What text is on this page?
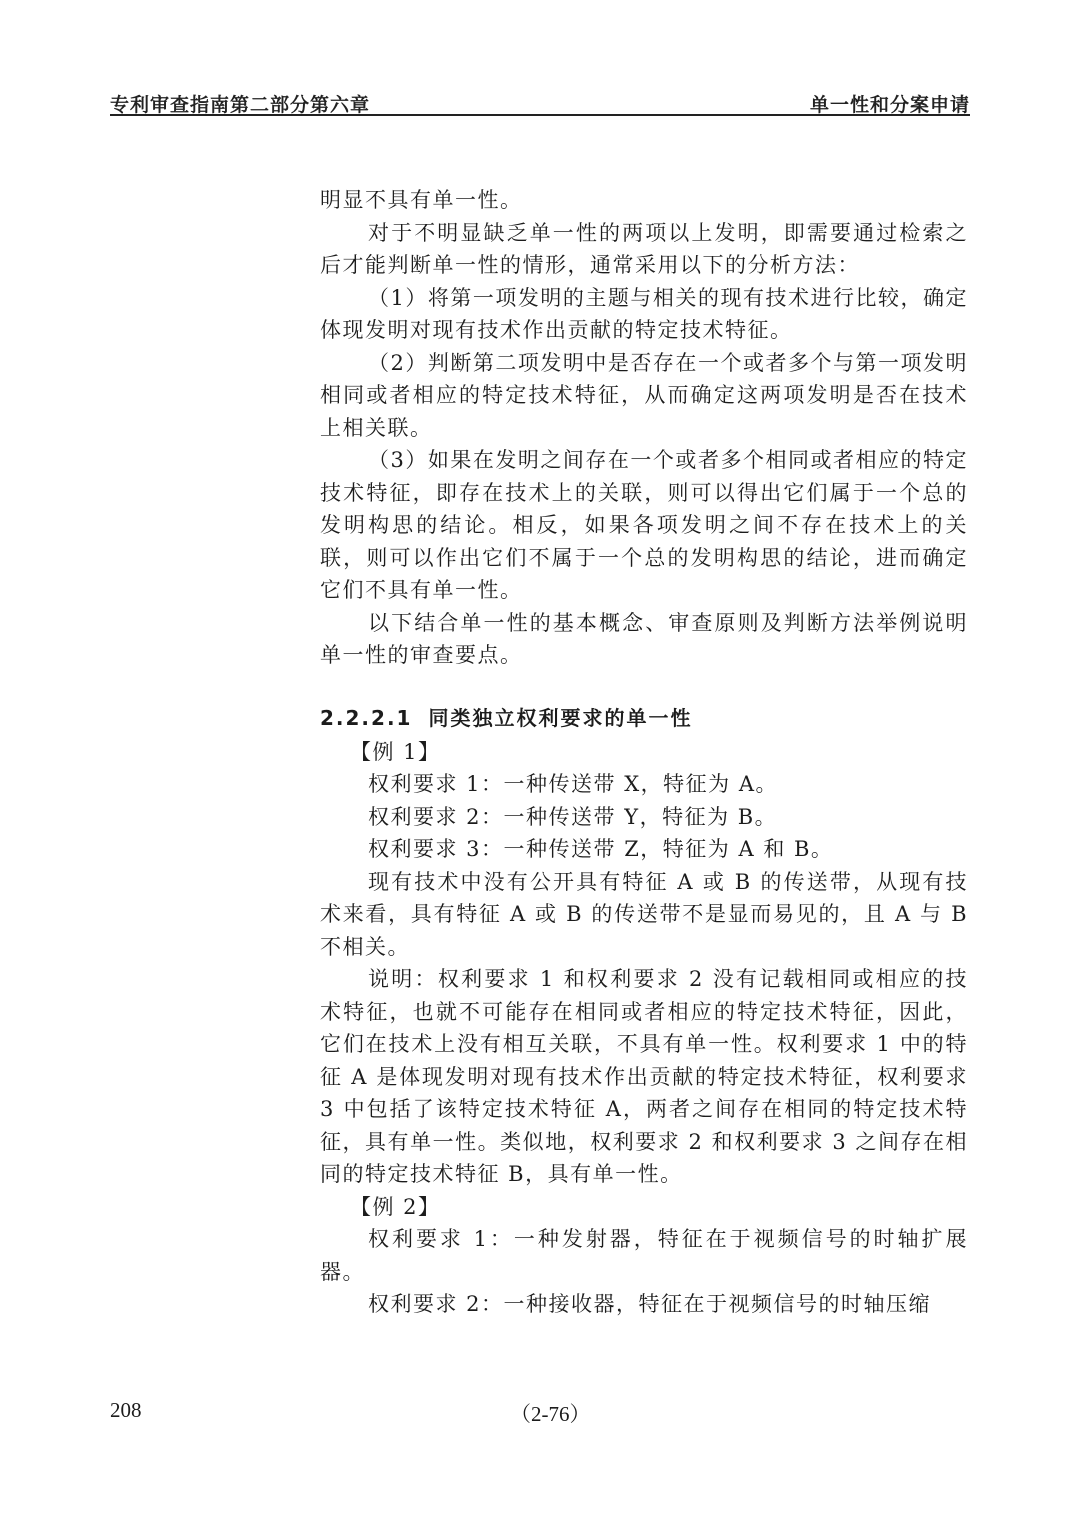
专利审查指南第二部分第六章	单一性和分案申请

明显不具有单一性。

对于不明显缺乏单一性的两项以上发明，即需要通过检索之后才能判断单一性的情形，通常采用以下的分析方法：

（1）将第一项发明的主题与相关的现有技术进行比较，确定体现发明对现有技术作出贡献的特定技术特征。

（2）判断第二项发明中是否存在一个或者多个与第一项发明相同或者相应的特定技术特征，从而确定这两项发明是否在技术上相关联。

（3）如果在发明之间存在一个或者多个相同或者相应的特定技术特征，即存在技术上的关联，则可以得出它们属于一个总的发明构思的结论。相反，如果各项发明之间不存在技术上的关联，则可以作出它们不属于一个总的发明构思的结论，进而确定它们不具有单一性。

以下结合单一性的基本概念、审查原则及判断方法举例说明单一性的审查要点。

2.2.2.1 同类独立权利要求的单一性

【例 1】

权利要求 1：一种传送带 X，特征为 A。

权利要求 2：一种传送带 Y，特征为 B。

权利要求 3：一种传送带 Z，特征为 A 和 B。

现有技术中没有公开具有特征 A 或 B 的传送带，从现有技术来看，具有特征 A 或 B 的传送带不是显而易见的，且 A 与 B 不相关。

说明：权利要求 1 和权利要求 2 没有记载相同或相应的技术特征，也就不可能存在相同或者相应的特定技术特征，因此，它们在技术上没有相互关联，不具有单一性。权利要求 1 中的特征 A 是体现发明对现有技术作出贡献的特定技术特征，权利要求 3 中包括了该特定技术特征 A，两者之间存在相同的特定技术特征，具有单一性。类似地，权利要求 2 和权利要求 3 之间存在相同的特定技术特征 B，具有单一性。

【例 2】

权利要求 1：一种发射器，特征在于视频信号的时轴扩展器。

权利要求 2：一种接收器，特征在于视频信号的时轴压缩

208	（2-76）
